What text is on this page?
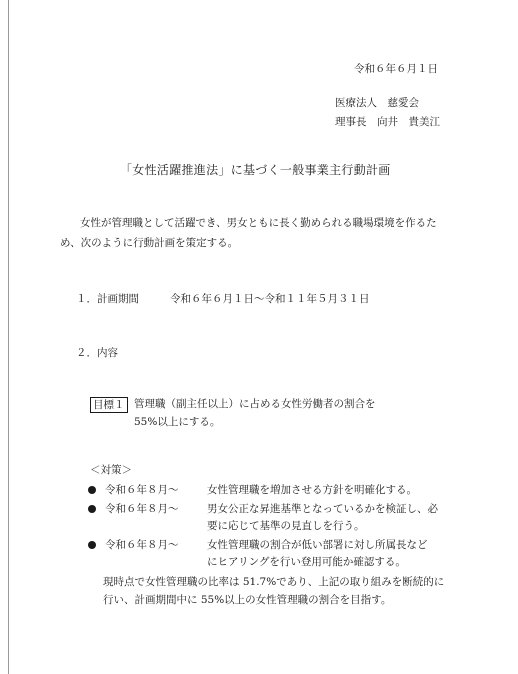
令和６年６月１日
医療法人　慈愛会
理事長　向井　貴美江
「女性活躍推進法」に基づく一般事業主行動計画
女性が管理職として活躍でき、男女ともに長く勤められる職場環境を作るた
め、次のように行動計画を策定する。
１．計画期間	令和６年６月１日～令和１１年５月３１日
２．内容
目標１ 管理職（副主任以上）に占める女性労働者の割合を
55%以上にする。
＜対策＞
令和６年８月～	女性管理職を増加させる方針を明確化する。
令和６年８月～	男女公正な昇進基準となっているかを検証し、必
要に応じて基準の見直しを行う。
令和６年８月～	女性管理職の割合が低い部署に対し所属長など
にヒアリングを行い登用可能か確認する。
現時点で女性管理職の比率は 51.7%であり、上記の取り組みを断続的に
行い、計画期間中に 55%以上の女性管理職の割合を目指す。
